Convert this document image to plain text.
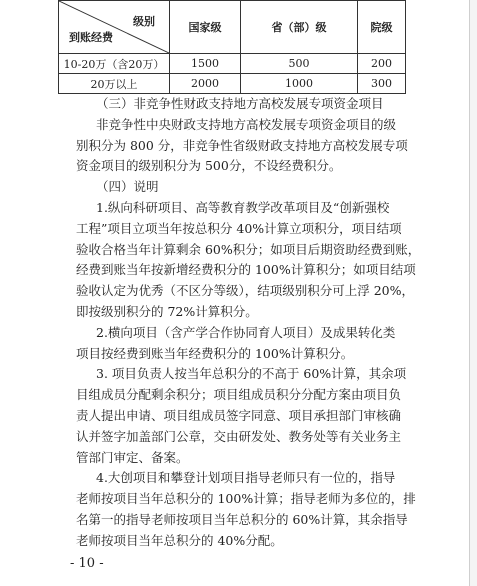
级别
到账经费	国家级	省（部）级	院级
10-20万（含20万）	1500	500	200
20万以上	2000	1000	300

（三）非竞争性财政支持地方高校发展专项资金项目

非竞争性中央财政支持地方高校发展专项资金项目的级

别积分为 800 分，非竞争性省级财政支持地方高校发展专项

资金项目的级别积分为 500分，不设经费积分。

（四）说明

1.纵向科研项目、高等教育教学改革项目及“创新强校

工程”项目立项当年按总积分 40%计算立项积分，项目结项

验收合格当年计算剩余 60%积分；如项目后期资助经费到账，

经费到账当年按新增经费积分的 100%计算积分；如项目结项

验收认定为优秀（不区分等级），结项级别积分可上浮 20%，

即按级别积分的 72%计算积分。

2.横向项目（含产学合作协同育人项目）及成果转化类

项目按经费到账当年经费积分的 100%计算积分。

3. 项目负责人按当年总积分的不高于 60%计算，其余项

目组成员分配剩余积分；项目组成员积分分配方案由项目负

责人提出申请、项目组成员签字同意、项目承担部门审核确

认并签字加盖部门公章，交由研发处、教务处等有关业务主

管部门审定、备案。

4.大创项目和攀登计划项目指导老师只有一位的，指导

老师按项目当年总积分的 100%计算；指导老师为多位的，排

名第一的指导老师按项目当年总积分的 60%计算，其余指导

老师按项目当年总积分的 40%分配。

- 10 -
